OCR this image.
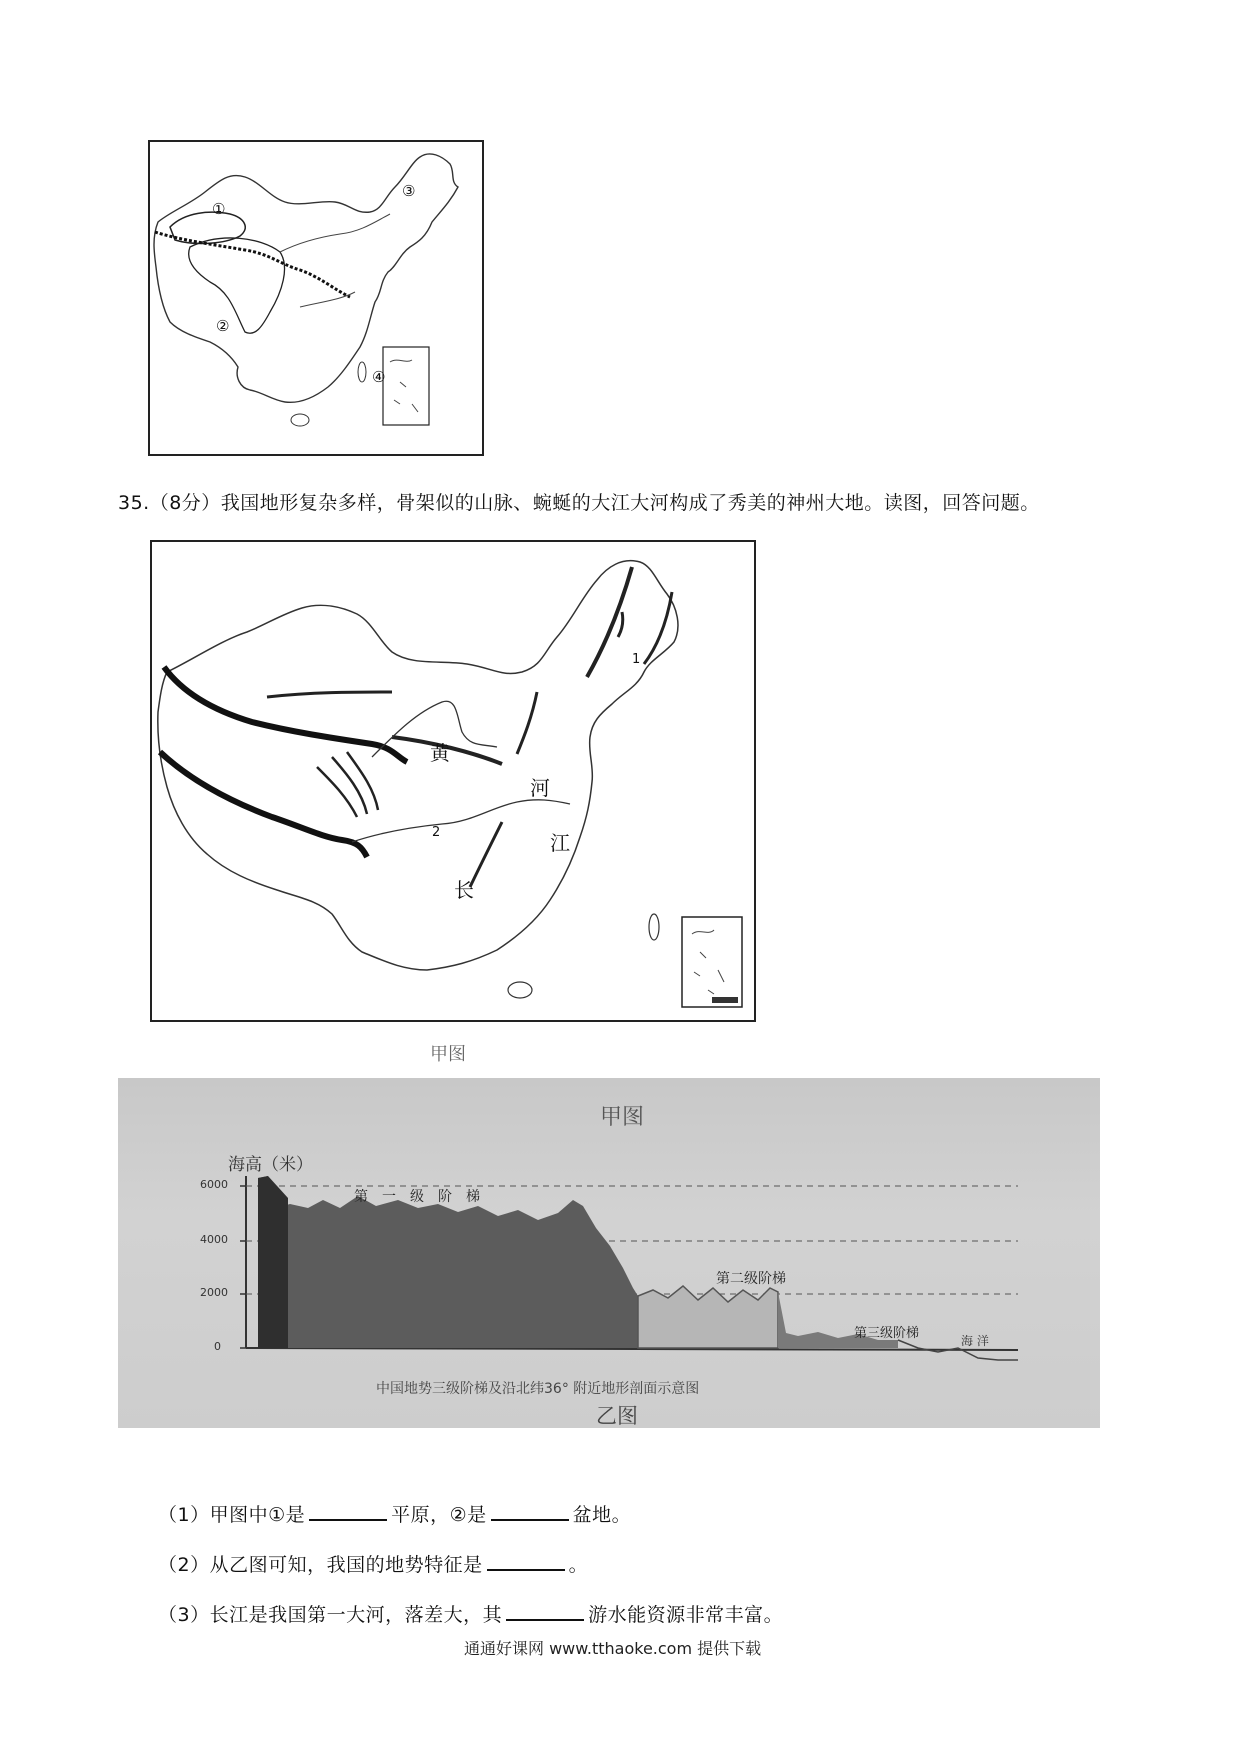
①
②
③
④
35.（8分）我国地形复杂多样，骨架似的山脉、蜿蜒的大江大河构成了秀美的神州大地。读图，回答问题。
黄
河
江
长
1
2
甲图
甲图
海高（米）
6000
4000
2000
0
第　一　级　阶　梯
第二级阶梯
第三级阶梯	海 洋
中国地势三级阶梯及沿北纬36° 附近地形剖面示意图
乙图
（1）甲图中①是	平原，②是	盆地。
（2）从乙图可知，我国的地势特征是	。
（3）长江是我国第一大河，落差大，其	游水能资源非常丰富。
通通好课网 www.tthaoke.com 提供下载
